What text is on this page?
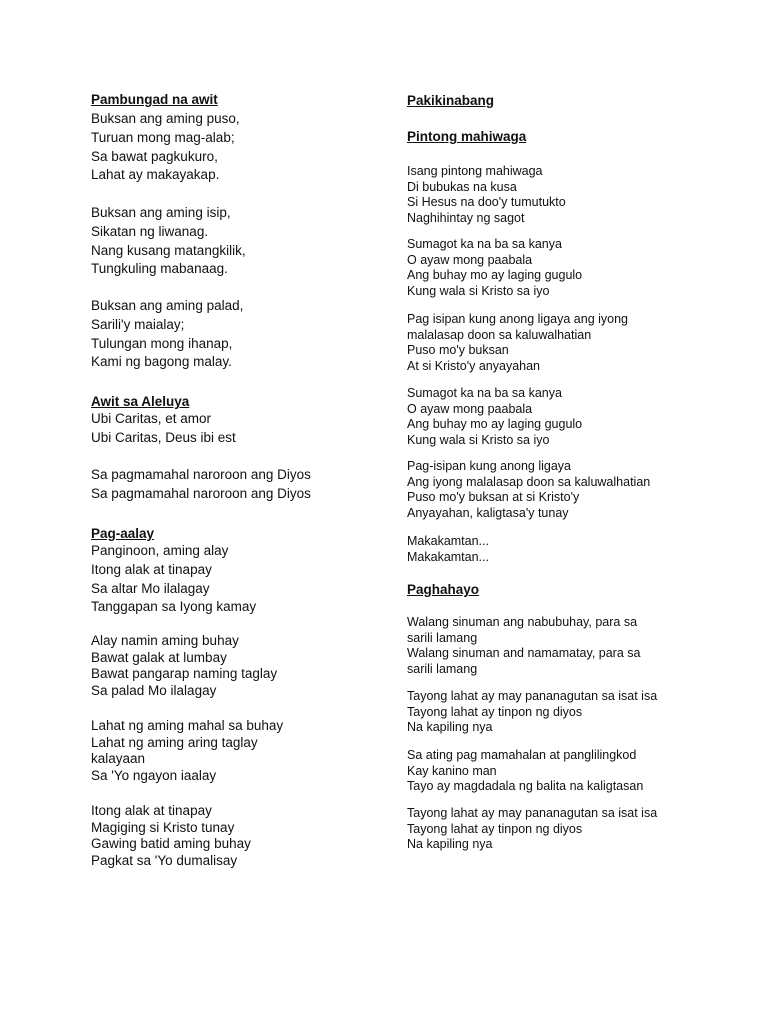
Pambungad na awit
Buksan ang aming puso,
Turuan mong mag-alab;
Sa bawat pagkukuro,
Lahat ay makayakap.
Buksan ang aming isip,
Sikatan ng liwanag.
Nang kusang matangkilik,
Tungkuling mabanaag.
Buksan ang aming palad,
Sarili'y maialay;
Tulungan mong ihanap,
Kami ng bagong malay.
Awit sa Aleluya
Ubi Caritas, et amor
Ubi Caritas, Deus ibi est
Sa pagmamahal naroroon ang Diyos
Sa pagmamahal naroroon ang Diyos
Pag-aalay
Panginoon, aming alay
Itong alak at tinapay
Sa altar Mo ilalagay
Tanggapan sa Iyong kamay
Alay namin aming buhay
Bawat galak at lumbay
Bawat pangarap naming taglay
Sa palad Mo ilalagay
Lahat ng aming mahal sa buhay
Lahat ng aming aring taglay
kalayaan
Sa 'Yo ngayon iaalay
Itong alak at tinapay
Magiging si Kristo tunay
Gawing batid aming buhay
Pagkat sa 'Yo dumalisay
Pakikinabang
Pintong mahiwaga
Isang pintong mahiwaga
Di bubukas na kusa
Si Hesus na doo'y tumutukto
Naghihintay ng sagot
Sumagot ka na ba sa kanya
O ayaw mong paabala
Ang buhay mo ay laging gugulo
Kung wala si Kristo sa iyo
Pag isipan kung anong ligaya ang iyong
malalasap doon sa kaluwalhatian
Puso mo'y buksan
At si Kristo'y anyayahan
Sumagot ka na ba sa kanya
O ayaw mong paabala
Ang buhay mo ay laging gugulo
Kung wala si Kristo sa iyo
Pag-isipan kung anong ligaya
Ang iyong malalasap doon sa kaluwalhatian
Puso mo'y buksan at si Kristo'y
Anyayahan, kaligtasa'y tunay
Makakamtan...
Makakamtan...
Paghahayo
Walang sinuman ang nabubuhay, para sa
sarili lamang
Walang sinuman and namamatay, para sa
sarili lamang
Tayong lahat ay may pananagutan sa isat isa
Tayong lahat ay tinpon ng diyos
Na kapiling nya
Sa ating pag mamahalan at panglilingkod
Kay kanino man
Tayo ay magdadala ng balita na kaligtasan
Tayong lahat ay may pananagutan sa isat isa
Tayong lahat ay tinpon ng diyos
Na kapiling nya
